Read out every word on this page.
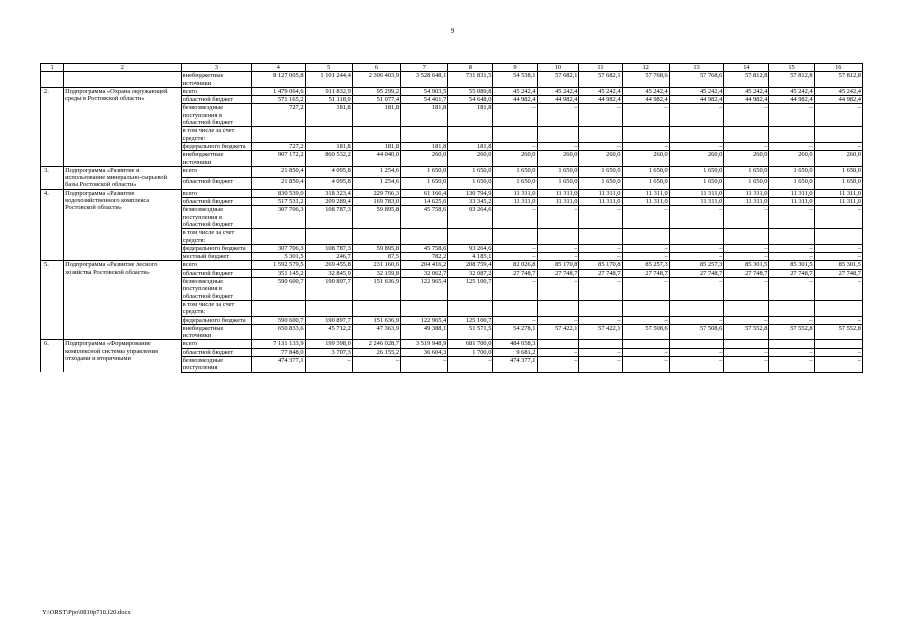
9
1	2	3	4	5	6	7	8	9	10	11	12	13	14	15	16
		внебюджетные источники	8 127 005,8	1 101 244,4	2 306 403,9	3 528 648,1	731 831,5	54 538,1	57 682,1	57 682,1	57 768,6	57 768,6	57 812,8	57 812,8	57 812,8
2.	Подпрограмма «Охрана окружающей среды в Ростовской области»	всего	1 479 064,6	911 832,9	95 299,2	54 903,5	55 089,8	45 242,4	45 242,4	45 242,4	45 242,4	45 242,4	45 242,4	45 242,4	45 242,4
		областной бюджет	571 165,2	51 118,9	51 077,4	54 461,7	54 648,0	44 982,4	44 982,4	44 982,4	44 982,4	44 982,4	44 982,4	44 982,4	44 982,4
		безвозмездные поступления в областной бюджет	727,2	181,8	181,8	181,8	181,8	–	–	–	–	–	–	–	–
		в том числе за счет средств:													
		федерального бюджета	727,2	181,8	181,8	181,8	181,8	–	–	–	–	–	–	–	–
		внебюджетные источники	907 172,2	860 532,2	44 040,0	260,0	260,0	260,0	260,0	260,0	260,0	260,0	260,0	260,0	260,0
3.	Подпрограмма «Развитие и использование минерально-сырьевой базы Ростовской области»	всего	21 850,4	4 095,8	1 254,6	1 650,0	1 650,0	1 650,0	1 650,0	1 650,0	1 650,0	1 650,0	1 650,0	1 650,0	1 650,0
		областной бюджет	21 850,4	4 095,8	1 254,6	1 650,0	1 650,0	1 650,0	1 650,0	1 650,0	1 650,0	1 650,0	1 650,0	1 650,0	1 650,0
4.	Подпрограмма «Развитие водохозяйственного комплекса Ростовской области»	всего	830 539,0	318 323,4	229 766,3	61 166,4	130 794,9	11 311,0	11 311,0	11 311,0	11 311,0	11 311,0	11 311,0	11 311,0	11 311,0
		областной бюджет	517 531,2	209 289,4	169 783,0	14 625,6	33 345,2	11 311,0	11 311,0	11 311,0	11 311,0	11 311,0	11 311,0	11 311,0	11 311,0
		безвозмездные поступления в областной бюджет	307 706,3	108 787,3	59 895,8	45 758,6	93 264,6	–	–	–	–	–	–	–	–
		в том числе за счет средств:													
		федерального бюджета	307 706,3	108 787,3	59 895,8	45 758,6	93 264,6	–	–	–	–	–	–	–	–
		местный бюджет	5 301,5	246,7	87,5	782,2	4 185,1	–	–	–	–	–	–	–	–
5.	Подпрограмма «Развитие лесного хозяйства Ростовской области»	всего	1 592 579,5	269 455,8	231 160,6	204 416,2	208 759,4	82 026,8	85 170,8	85 170,8	85 257,3	85 257,3	85 301,5	85 301,5	85 301,5
		областной бюджет	351 145,2	32 845,9	32 159,8	32 062,7	32 087,2	27 748,7	27 748,7	27 748,7	27 748,7	27 748,7	27 748,7	27 748,7	27 748,7
		безвозмездные поступления в областной бюджет	590 600,7	190 897,7	151 636,9	122 965,4	125 100,7	–	–	–	–	–	–	–	–
		в том числе за счет средств:													
		федерального бюджета	590 600,7	190 897,7	151 636,9	122 965,4	125 100,7	–	–	–	–	–	–	–	–
		внебюджетные источники	650 833,6	45 712,2	47 363,9	49 388,1	51 571,5	54 278,1	57 422,1	57 422,1	57 508,6	57 508,6	57 552,8	57 552,8	57 552,8
6.	Подпрограмма «Формирование комплексной системы управления отходами и вторичными	всего	7 131 133,9	199 398,0	2 246 028,7	3 519 948,9	681 700,0	484 058,3							
		областной бюджет	77 848,0	3 707,3	26 155,2	36 604,3	1 700,0	9 681,2	–	–	–	–	–	–	–
		безвозмездные поступления	474 377,1	–	–	–	–	474 377,1	–	–	–	–	–	–	–
Y:\ORST\Ppo\0810p710.f20.docx
